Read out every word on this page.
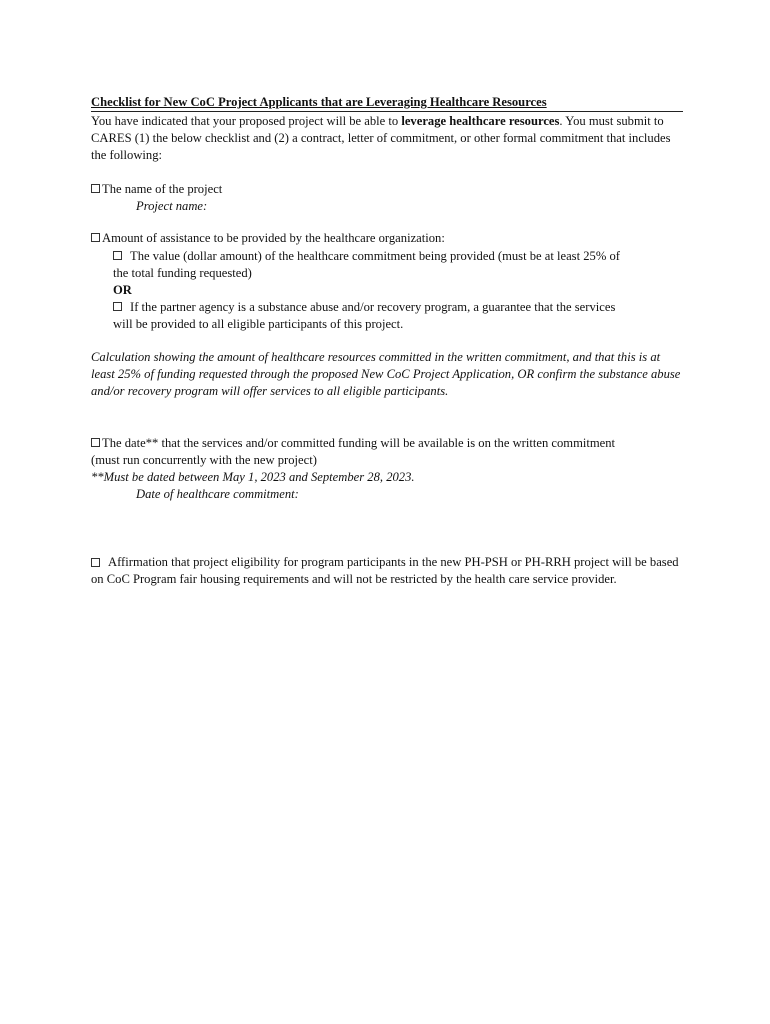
Checklist for New CoC Project Applicants that are Leveraging Healthcare Resources

You have indicated that your proposed project will be able to leverage healthcare resources. You must submit to CARES (1) the below checklist and (2) a contract, letter of commitment, or other formal commitment that includes the following:

The name of the project
Project name:
Amount of assistance to be provided by the healthcare organization:
The value (dollar amount) of the healthcare commitment being provided (must be at least 25% of
the total funding requested)
OR
If the partner agency is a substance abuse and/or recovery program, a guarantee that the services
will be provided to all eligible participants of this project.

Calculation showing the amount of healthcare resources committed in the written commitment, and that this is at least 25% of funding requested through the proposed New CoC Project Application, OR confirm the substance abuse and/or recovery program will offer services to all eligible participants.

The date** that the services and/or committed funding will be available is on the written commitment
(must run concurrently with the new project)
**Must be dated between May 1, 2023 and September 28, 2023.
Date of healthcare commitment:

Affirmation that project eligibility for program participants in the new PH-PSH or PH-RRH project will be based on CoC Program fair housing requirements and will not be restricted by the health care service provider.
